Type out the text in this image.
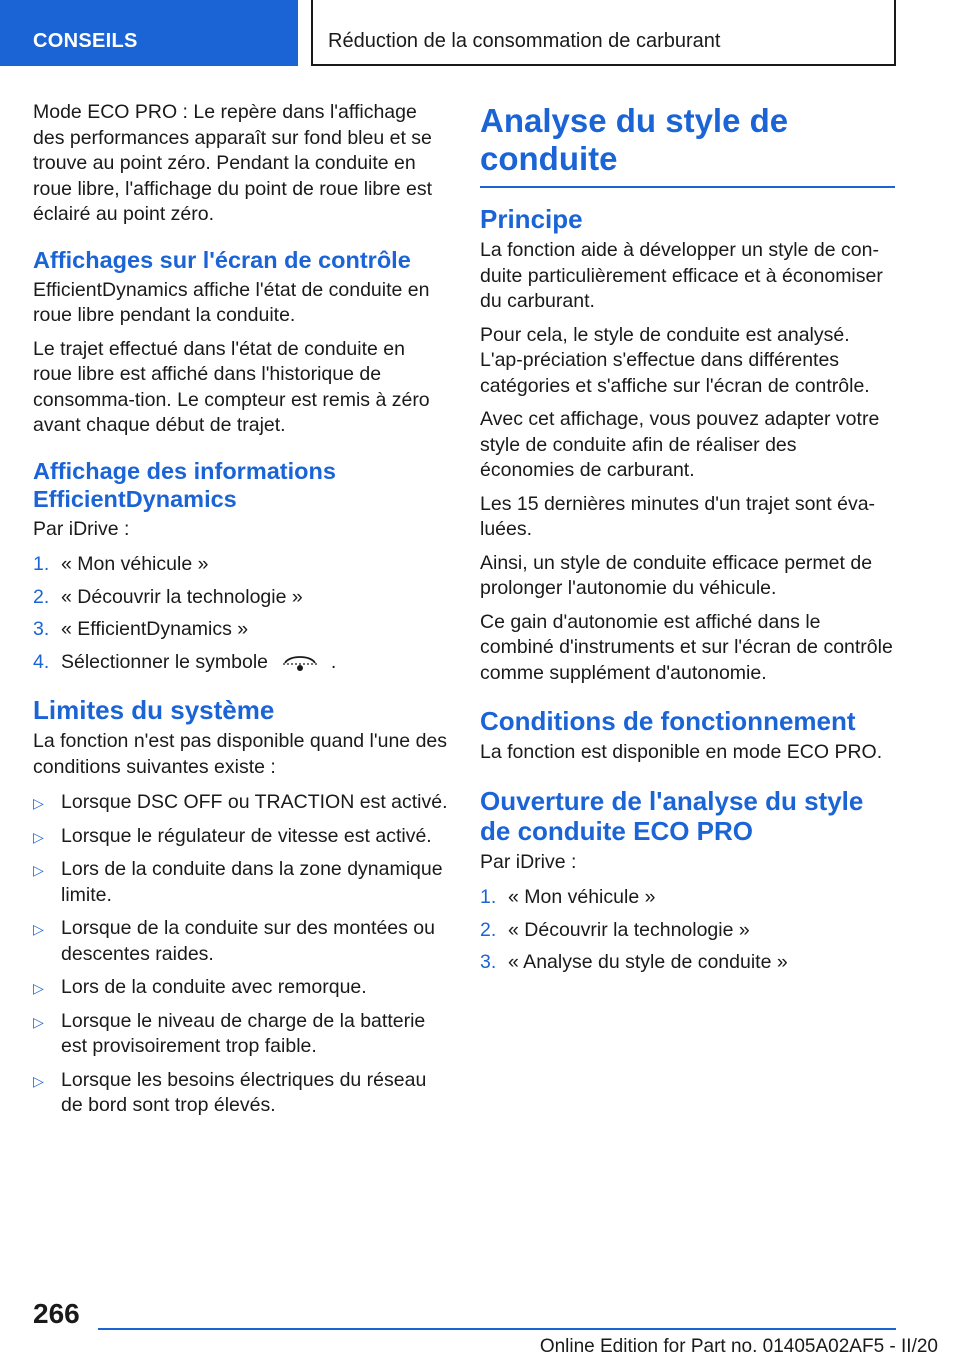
CONSEILS	Réduction de la consommation de carburant

Mode ECO PRO : Le repère dans l'affichage des performances apparaît sur fond bleu et se trouve au point zéro. Pendant la conduite en roue libre, l'affichage du point de roue libre est éclairé au point zéro.

Affichages sur l'écran de contrôle

EfficientDynamics affiche l'état de conduite en roue libre pendant la conduite.

Le trajet effectué dans l'état de conduite en roue libre est affiché dans l'historique de consomma-tion. Le compteur est remis à zéro avant chaque début de trajet.

Affichage des informations EfficientDynamics

Par iDrive :

1. « Mon véhicule »
2. « Découvrir la technologie »
3. « EfficientDynamics »
4. Sélectionner le symbole	.
Limites du système

La fonction n'est pas disponible quand l'une des conditions suivantes existe :

▷ Lorsque DSC OFF ou TRACTION est activé.
▷ Lorsque le régulateur de vitesse est activé.
▷ Lors de la conduite dans la zone dynamique limite.
▷ Lorsque de la conduite sur des montées ou descentes raides.
▷ Lors de la conduite avec remorque.
▷ Lorsque le niveau de charge de la batterie est provisoirement trop faible.
▷ Lorsque les besoins électriques du réseau de bord sont trop élevés.
Analyse du style de conduite
Principe

La fonction aide à développer un style de con-duite particulièrement efficace et à économiser du carburant.

Pour cela, le style de conduite est analysé. L'ap-préciation s'effectue dans différentes catégories et s'affiche sur l'écran de contrôle.

Avec cet affichage, vous pouvez adapter votre style de conduite afin de réaliser des économies de carburant.

Les 15 dernières minutes d'un trajet sont éva-luées.

Ainsi, un style de conduite efficace permet de prolonger l'autonomie du véhicule.

Ce gain d'autonomie est affiché dans le combiné d'instruments et sur l'écran de contrôle comme supplément d'autonomie.

Conditions de fonctionnement

La fonction est disponible en mode ECO PRO.

Ouverture de l'analyse du style de conduite ECO PRO

Par iDrive :

1. « Mon véhicule »
2. « Découvrir la technologie »
3. « Analyse du style de conduite »
266
Online Edition for Part no. 01405A02AF5 - II/20
